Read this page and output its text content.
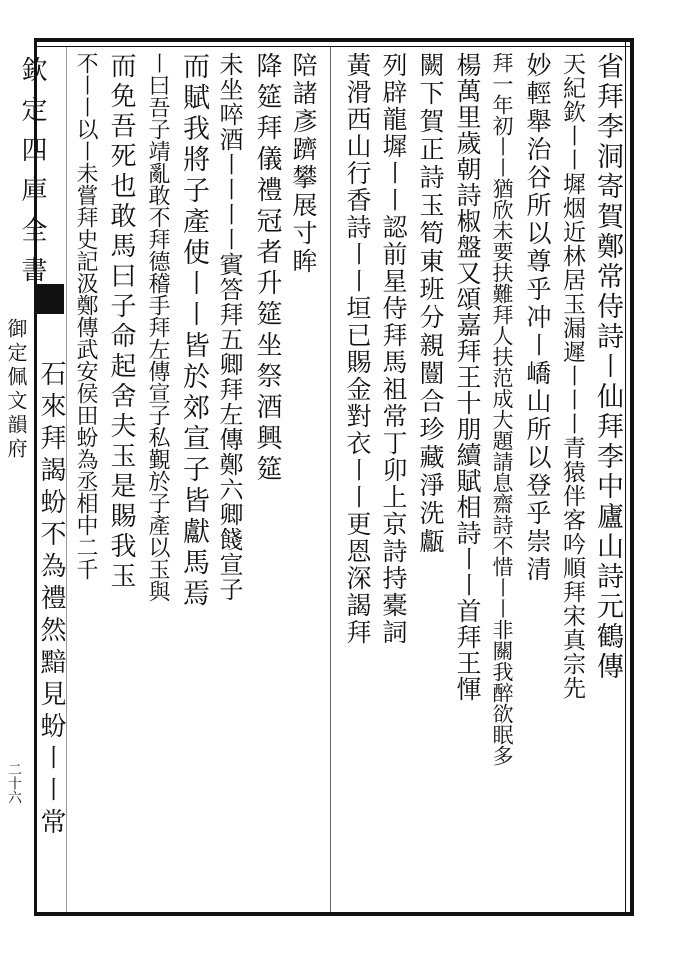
欽定四庫全書
御定佩文韻府
二十六
省拜李洞寄賀鄭常侍詩〡仙拜李中廬山詩元鶴傳
天紀欽〡〡墀烟近林居玉漏遲〡〡〡青猿伴客吟順拜宋真宗先
妙輕舉治谷所以尊乎冲〡嶠山所以登乎崇清
拜一年初〡〡猶欣未要扶難拜人扶范成大題請息齋詩不惜〡〡非關我醉欲眠多
楊萬里歲朝詩椒盤又頌嘉拜王十朋續賦相詩〡〡首拜王惲
闕下賀正詩玉筍東班分親闓合珍藏淨洗甗
列辟龍墀〡〡認前星侍拜馬祖常丁卯上京詩持橐詞
黃滑西山行香詩〡〡垣已賜金對衣〡〡更恩深謁拜
陪諸彥躋攀展寸眸
降筵拜儀禮冠者升筵坐祭酒興筵
未坐啐酒〡〡〡〡賓答拜五卿拜左傳鄭六卿餞宣子
而賦我將子產使〡〡皆於郊宣子皆獻馬焉
〡曰吾子靖亂敢不拜德稽手拜左傳宣子私覲於子產以玉與
而免吾死也敢馬曰子命起舍夫玉是賜我玉
不〡〡以〡未嘗拜史記汲鄭傳武安侯田蚡為丞相中二千
石來拜謁蚡不為禮然黯見蚡〡〡常
